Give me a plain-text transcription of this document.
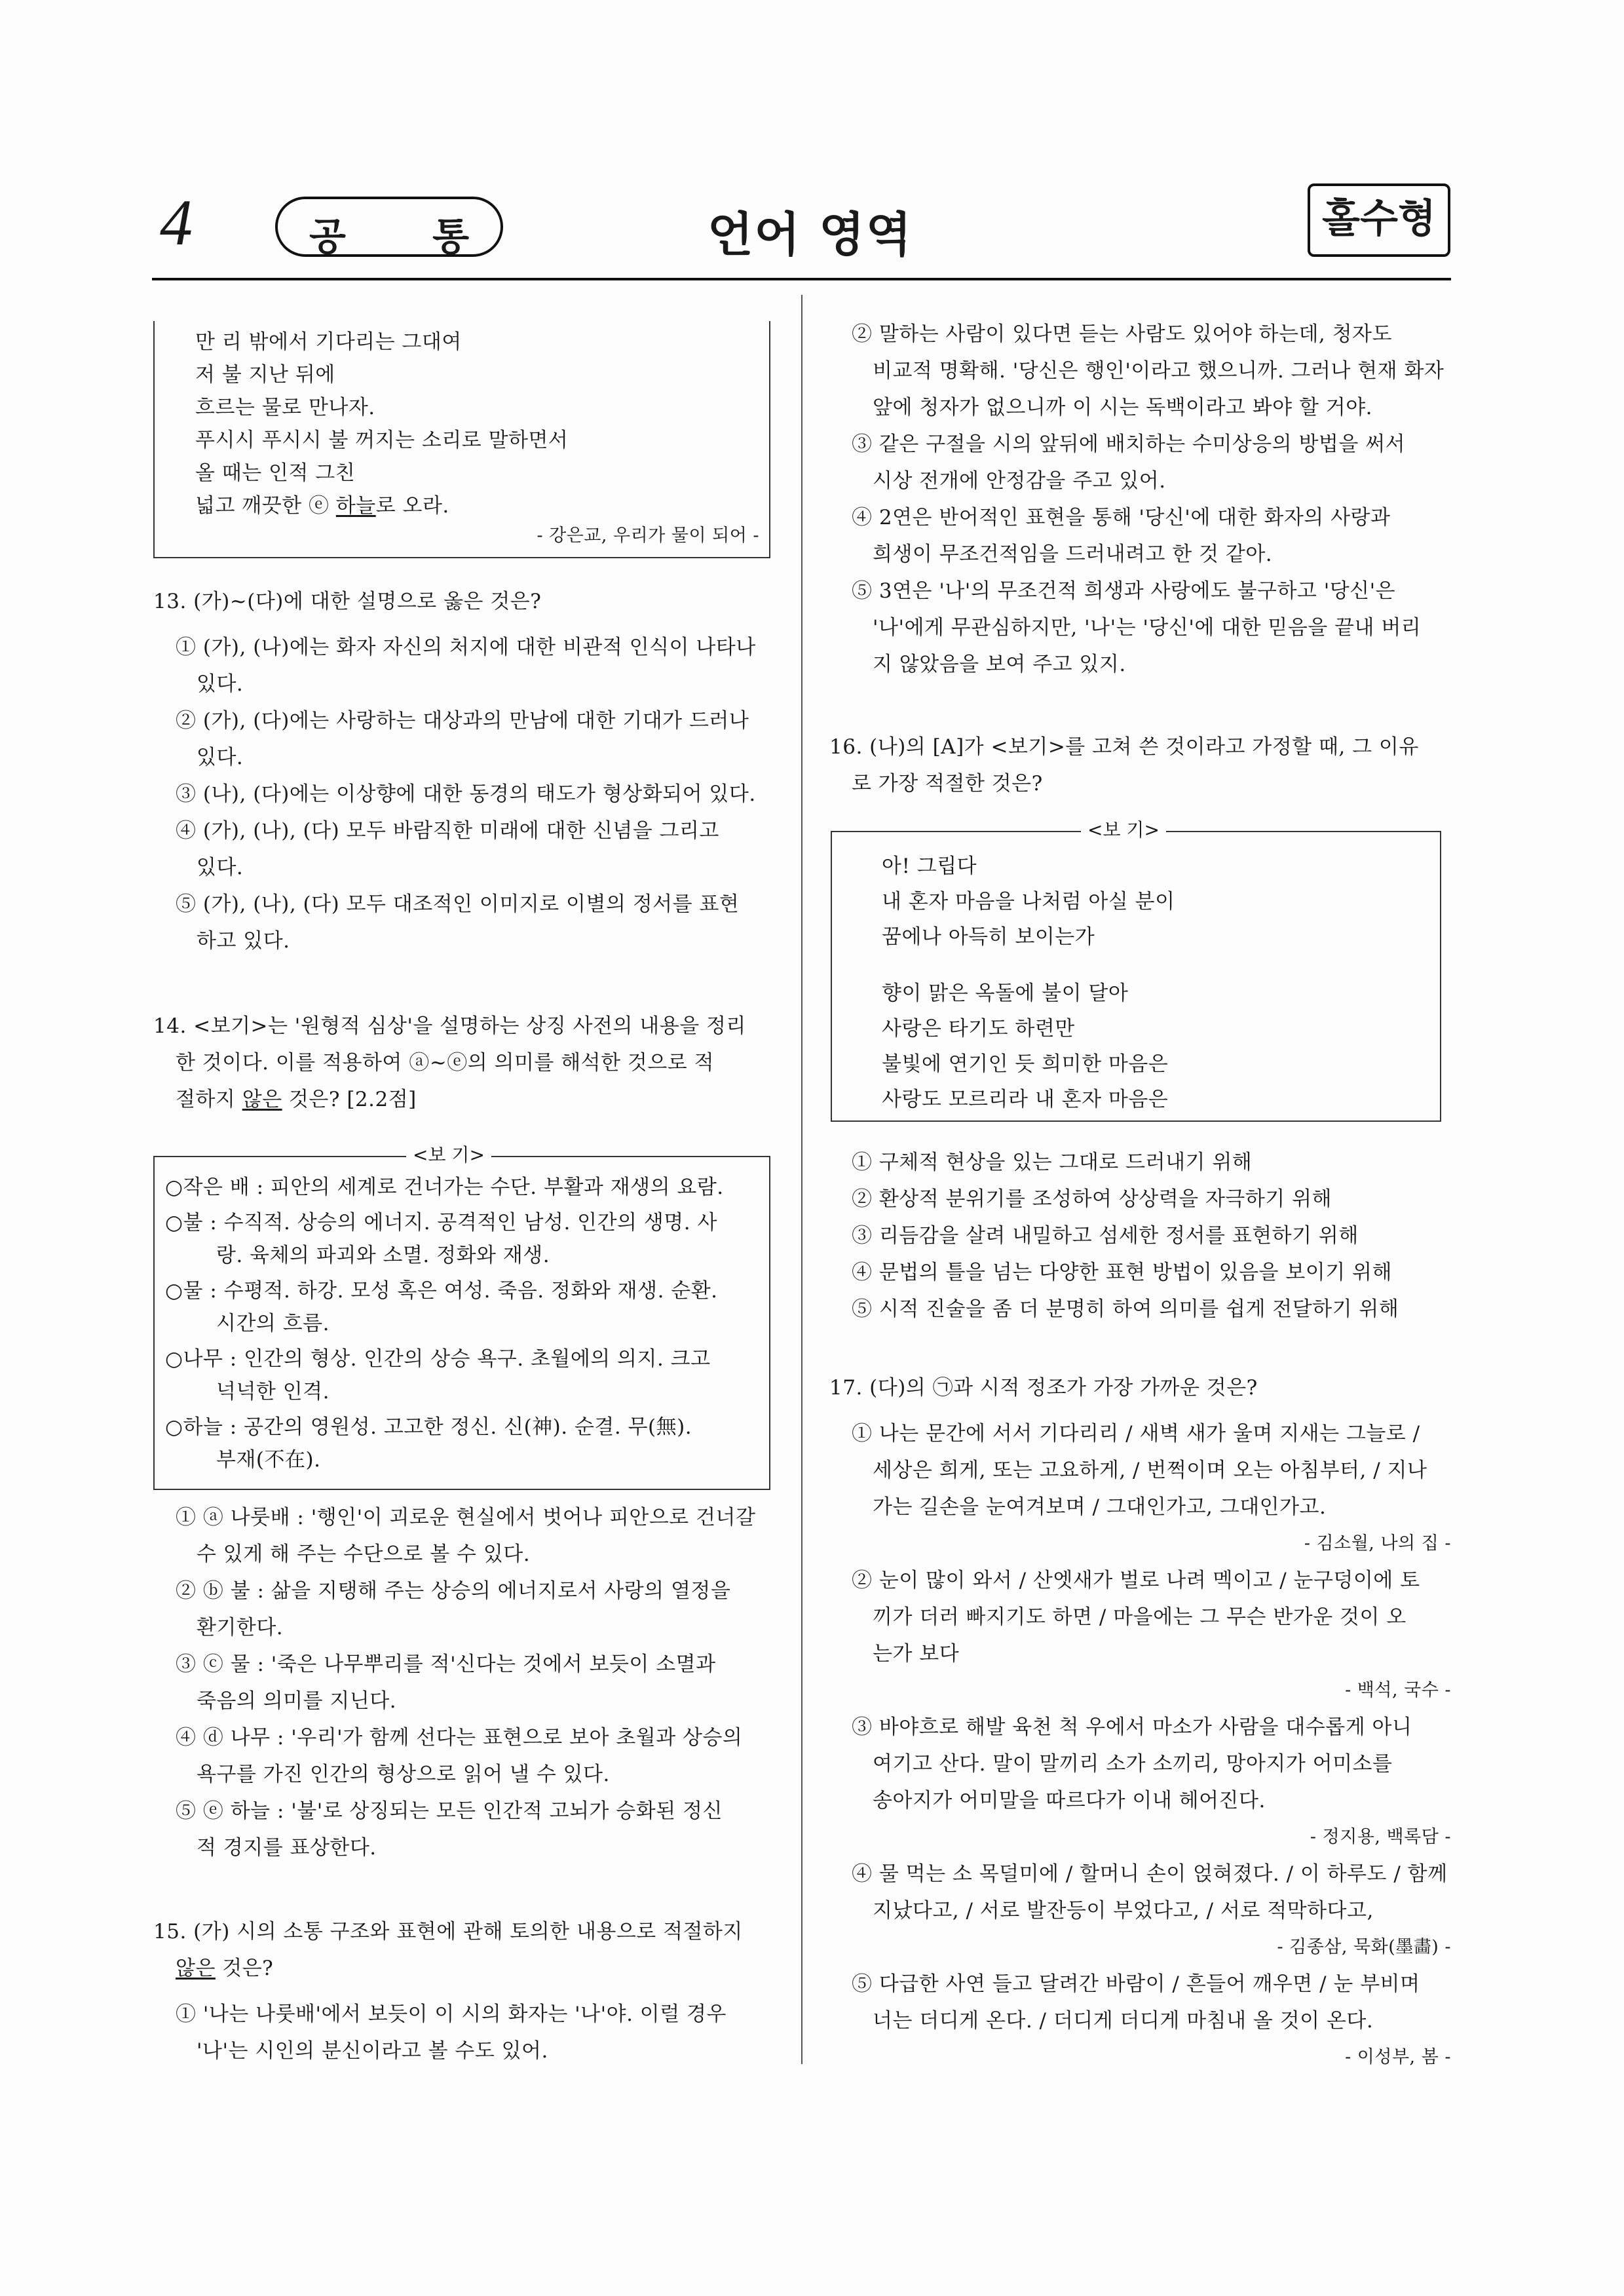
4	공 통	언어 영역	홀수형
만 리 밖에서 기다리는 그대여
저 불 지난 뒤에
흐르는 물로 만나자.
푸시시 푸시시 불 꺼지는 소리로 말하면서
올 때는 인적 그친
넓고 깨끗한 ⓔ 하늘로 오라.
- 강은교, 우리가 물이 되어 -
13. (가)~(다)에 대한 설명으로 옳은 것은?
① (가), (나)에는 화자 자신의 처지에 대한 비관적 인식이 나타나
있다.
② (가), (다)에는 사랑하는 대상과의 만남에 대한 기대가 드러나
있다.
③ (나), (다)에는 이상향에 대한 동경의 태도가 형상화되어 있다.
④ (가), (나), (다) 모두 바람직한 미래에 대한 신념을 그리고
있다.
⑤ (가), (나), (다) 모두 대조적인 이미지로 이별의 정서를 표현
하고 있다.
14. <보기>는 '원형적 심상'을 설명하는 상징 사전의 내용을 정리
한 것이다. 이를 적용하여 ⓐ~ⓔ의 의미를 해석한 것으로 적
절하지 않은 것은? [2.2점]
<보 기>
○작은 배 : 피안의 세계로 건너가는 수단. 부활과 재생의 요람.
○불 : 수직적. 상승의 에너지. 공격적인 남성. 인간의 생명. 사
랑. 육체의 파괴와 소멸. 정화와 재생.
○물 : 수평적. 하강. 모성 혹은 여성. 죽음. 정화와 재생. 순환.
시간의 흐름.
○나무 : 인간의 형상. 인간의 상승 욕구. 초월에의 의지. 크고
넉넉한 인격.
○하늘 : 공간의 영원성. 고고한 정신. 신(神). 순결. 무(無).
부재(不在).
① ⓐ 나룻배 : '행인'이 괴로운 현실에서 벗어나 피안으로 건너갈
수 있게 해 주는 수단으로 볼 수 있다.
② ⓑ 불 : 삶을 지탱해 주는 상승의 에너지로서 사랑의 열정을
환기한다.
③ ⓒ 물 : '죽은 나무뿌리를 적'신다는 것에서 보듯이 소멸과
죽음의 의미를 지닌다.
④ ⓓ 나무 : '우리'가 함께 선다는 표현으로 보아 초월과 상승의
욕구를 가진 인간의 형상으로 읽어 낼 수 있다.
⑤ ⓔ 하늘 : '불'로 상징되는 모든 인간적 고뇌가 승화된 정신
적 경지를 표상한다.
15. (가) 시의 소통 구조와 표현에 관해 토의한 내용으로 적절하지
않은 것은?
① '나는 나룻배'에서 보듯이 이 시의 화자는 '나'야. 이럴 경우
'나'는 시인의 분신이라고 볼 수도 있어.
② 말하는 사람이 있다면 듣는 사람도 있어야 하는데, 청자도
비교적 명확해. '당신은 행인'이라고 했으니까. 그러나 현재 화자
앞에 청자가 없으니까 이 시는 독백이라고 봐야 할 거야.
③ 같은 구절을 시의 앞뒤에 배치하는 수미상응의 방법을 써서
시상 전개에 안정감을 주고 있어.
④ 2연은 반어적인 표현을 통해 '당신'에 대한 화자의 사랑과
희생이 무조건적임을 드러내려고 한 것 같아.
⑤ 3연은 '나'의 무조건적 희생과 사랑에도 불구하고 '당신'은
'나'에게 무관심하지만, '나'는 '당신'에 대한 믿음을 끝내 버리
지 않았음을 보여 주고 있지.
16. (나)의 [A]가 <보기>를 고쳐 쓴 것이라고 가정할 때, 그 이유
로 가장 적절한 것은?
<보 기>
아! 그립다
내 혼자 마음을 나처럼 아실 분이
꿈에나 아득히 보이는가
향이 맑은 옥돌에 불이 달아
사랑은 타기도 하련만
불빛에 연기인 듯 희미한 마음은
사랑도 모르리라 내 혼자 마음은
① 구체적 현상을 있는 그대로 드러내기 위해
② 환상적 분위기를 조성하여 상상력을 자극하기 위해
③ 리듬감을 살려 내밀하고 섬세한 정서를 표현하기 위해
④ 문법의 틀을 넘는 다양한 표현 방법이 있음을 보이기 위해
⑤ 시적 진술을 좀 더 분명히 하여 의미를 쉽게 전달하기 위해
17. (다)의 ㉠과 시적 정조가 가장 가까운 것은?
① 나는 문간에 서서 기다리리 / 새벽 새가 울며 지새는 그늘로 /
세상은 희게, 또는 고요하게, / 번쩍이며 오는 아침부터, / 지나
가는 길손을 눈여겨보며 / 그대인가고, 그대인가고.
- 김소월, 나의 집 -
② 눈이 많이 와서 / 산엣새가 벌로 나려 멕이고 / 눈구덩이에 토
끼가 더러 빠지기도 하면 / 마을에는 그 무슨 반가운 것이 오
는가 보다
- 백석, 국수 -
③ 바야흐로 해발 육천 척 우에서 마소가 사람을 대수롭게 아니
여기고 산다. 말이 말끼리 소가 소끼리, 망아지가 어미소를
송아지가 어미말을 따르다가 이내 헤어진다.
- 정지용, 백록담 -
④ 물 먹는 소 목덜미에 / 할머니 손이 얹혀졌다. / 이 하루도 / 함께
지났다고, / 서로 발잔등이 부었다고, / 서로 적막하다고,
- 김종삼, 묵화(墨畵) -
⑤ 다급한 사연 들고 달려간 바람이 / 흔들어 깨우면 / 눈 부비며
너는 더디게 온다. / 더디게 더디게 마침내 올 것이 온다.
- 이성부, 봄 -
